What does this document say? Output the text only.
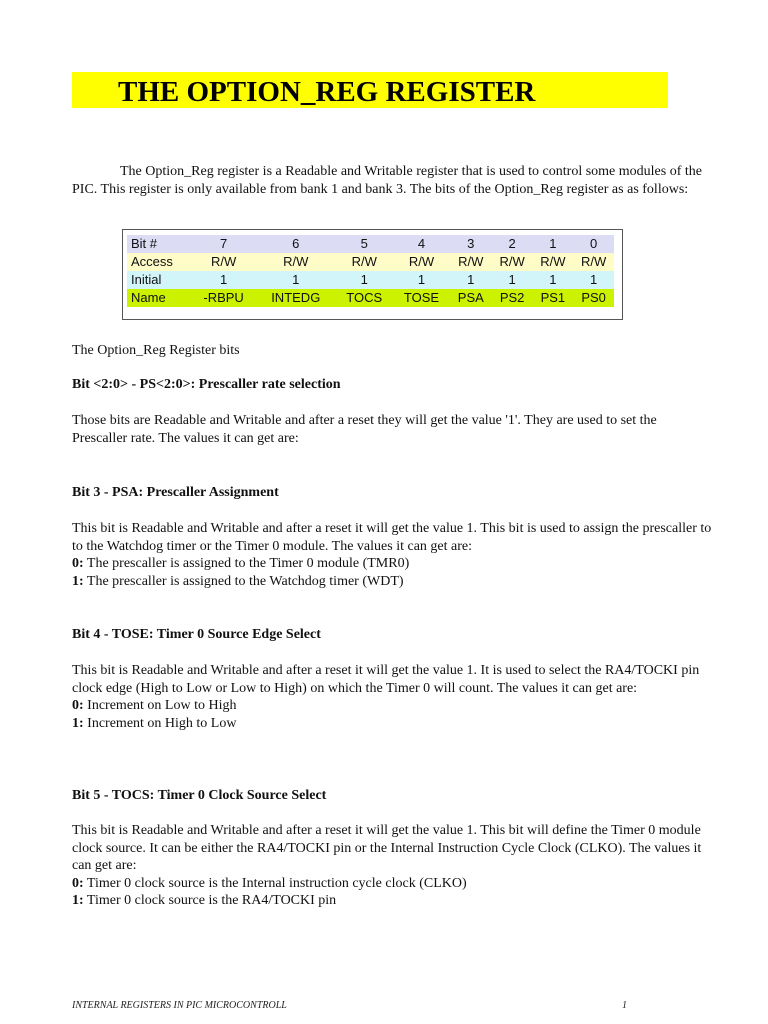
THE OPTION_REG REGISTER

The Option_Reg register is a Readable and Writable register that is used to control some modules of the PIC. This register is only available from bank 1 and bank 3. The bits of the Option_Reg register as as follows:

Bit #	7	6	5	4	3	2	1	0
Access	R/W	R/W	R/W	R/W	R/W	R/W	R/W	R/W
Initial	1	1	1	1	1	1	1	1
Name	-RBPU	INTEDG	TOCS	TOSE	PSA	PS2	PS1	PS0
The Option_Reg Register bits
Bit <2:0> - PS<2:0>: Prescaller rate selection

Those bits are Readable and Writable and after a reset they will get the value '1'. They are used to set the Prescaller rate. The values it can get are:

Bit 3 - PSA: Prescaller Assignment

This bit is Readable and Writable and after a reset it will get the value 1. This bit is used to assign the prescaller to to the Watchdog timer or the Timer 0 module. The values it can get are:

0: The prescaller is assigned to the Timer 0 module (TMR0)

1: The prescaller is assigned to the Watchdog timer (WDT)

Bit 4 - TOSE: Timer 0 Source Edge Select

This bit is Readable and Writable and after a reset it will get the value 1. It is used to select the RA4/TOCKI pin clock edge (High to Low or Low to High) on which the Timer 0 will count. The values it can get are:

0: Increment on Low to High

1: Increment on High to Low

Bit 5 - TOCS: Timer 0 Clock Source Select

This bit is Readable and Writable and after a reset it will get the value 1. This bit will define the Timer 0 module clock source. It can be either the RA4/TOCKI pin or the Internal Instruction Cycle Clock (CLKO). The values it can get are:

0: Timer 0 clock source is the Internal instruction cycle clock (CLKO)

1: Timer 0 clock source is the RA4/TOCKI pin

INTERNAL REGISTERS IN PIC MICROCONTROLL	1
